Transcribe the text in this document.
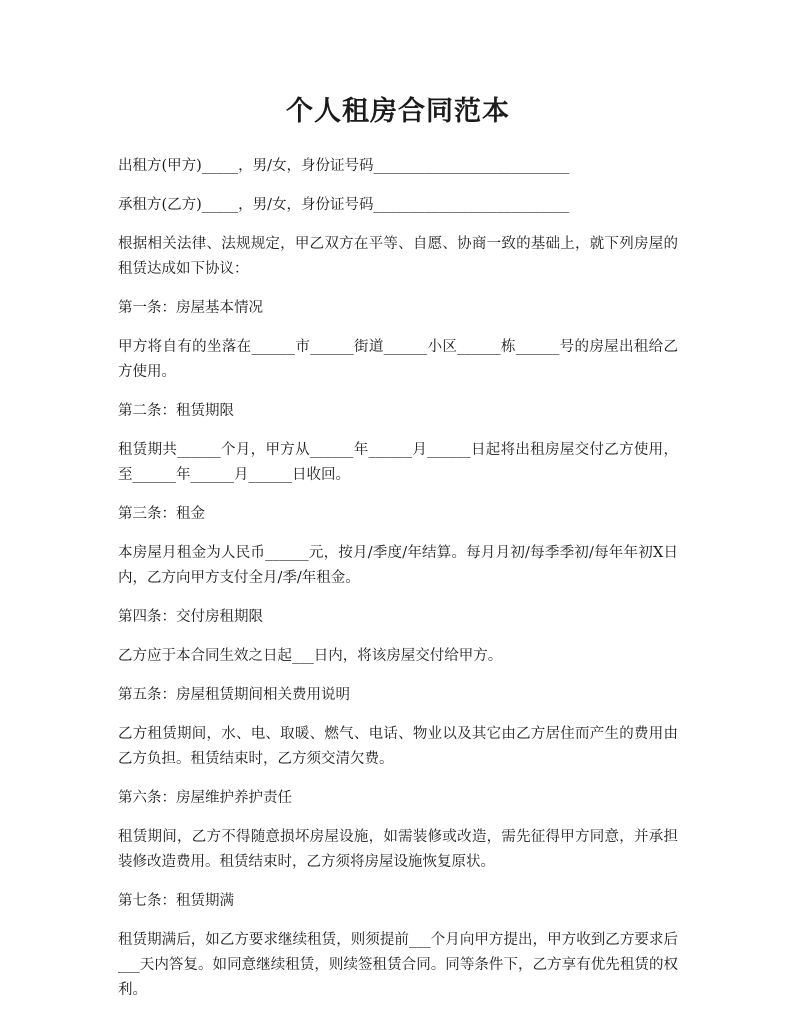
个人租房合同范本

出租方(甲方)_____，男/女，身份证号码___________________________

承租方(乙方)_____，男/女，身份证号码___________________________

根据相关法律、法规规定，甲乙双方在平等、自愿、协商一致的基础上，就下列房屋的租赁达成如下协议：

第一条：房屋基本情况

甲方将自有的坐落在______市______街道______小区______栋______号的房屋出租给乙方使用。

第二条：租赁期限

租赁期共______个月，甲方从______年______月______日起将出租房屋交付乙方使用，至______年______月______日收回。

第三条：租金

本房屋月租金为人民币______元，按月/季度/年结算。每月月初/每季季初/每年年初X日内，乙方向甲方支付全月/季/年租金。

第四条：交付房租期限

乙方应于本合同生效之日起___日内，将该房屋交付给甲方。

第五条：房屋租赁期间相关费用说明

乙方租赁期间，水、电、取暖、燃气、电话、物业以及其它由乙方居住而产生的费用由乙方负担。租赁结束时，乙方须交清欠费。

第六条：房屋维护养护责任

租赁期间，乙方不得随意损坏房屋设施，如需装修或改造，需先征得甲方同意，并承担装修改造费用。租赁结束时，乙方须将房屋设施恢复原状。

第七条：租赁期满

租赁期满后，如乙方要求继续租赁，则须提前___个月向甲方提出，甲方收到乙方要求后___天内答复。如同意继续租赁，则续签租赁合同。同等条件下，乙方享有优先租赁的权利。
